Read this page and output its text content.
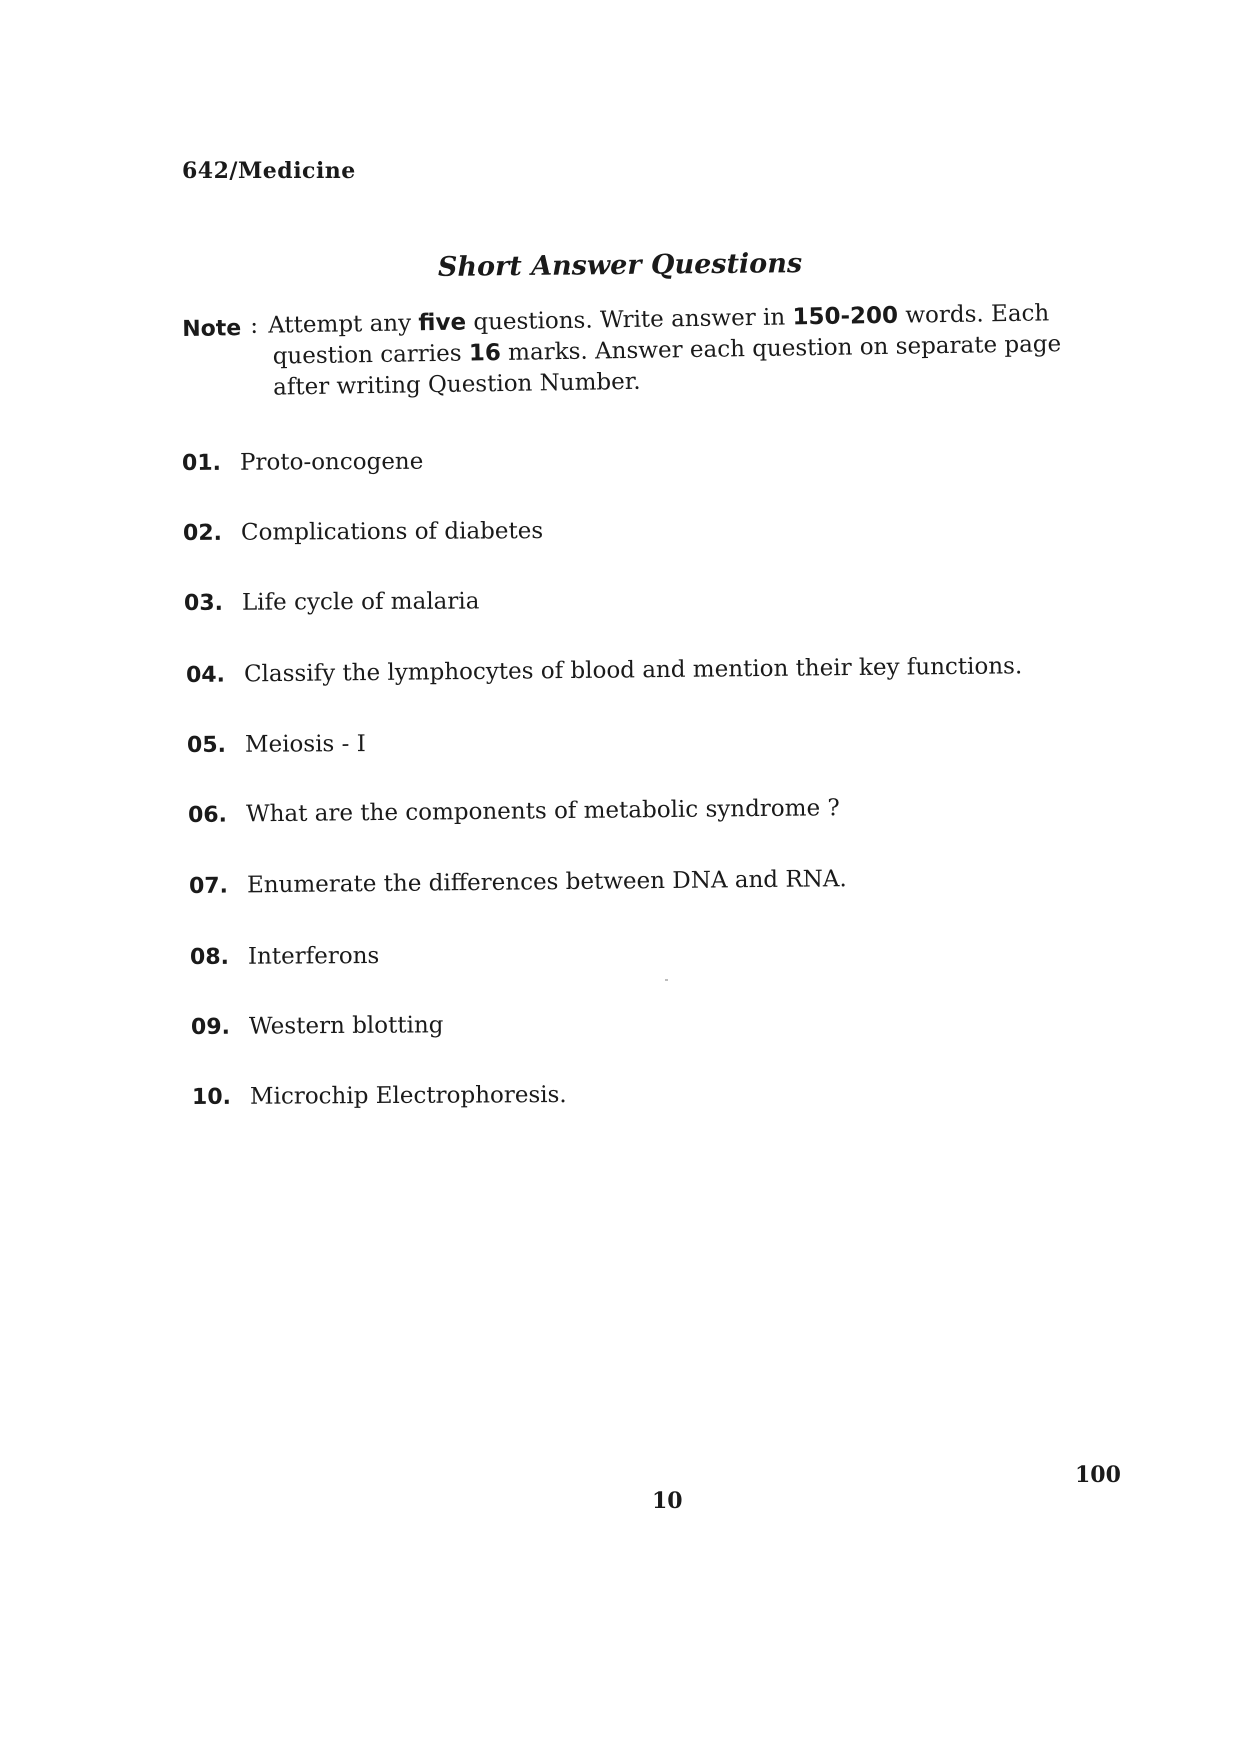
642/Medicine
Short Answer Questions
Note : Attempt any five questions. Write answer in 150-200 words. Each
question carries 16 marks. Answer each question on separate page
after writing Question Number.
01. Proto-oncogene
02. Complications of diabetes
03. Life cycle of malaria
04. Classify the lymphocytes of blood and mention their key functions.
05. Meiosis - I
06. What are the components of metabolic syndrome ?
07. Enumerate the differences between DNA and RNA.
08. Interferons
09. Western blotting
10. Microchip Electrophoresis.
10
100
